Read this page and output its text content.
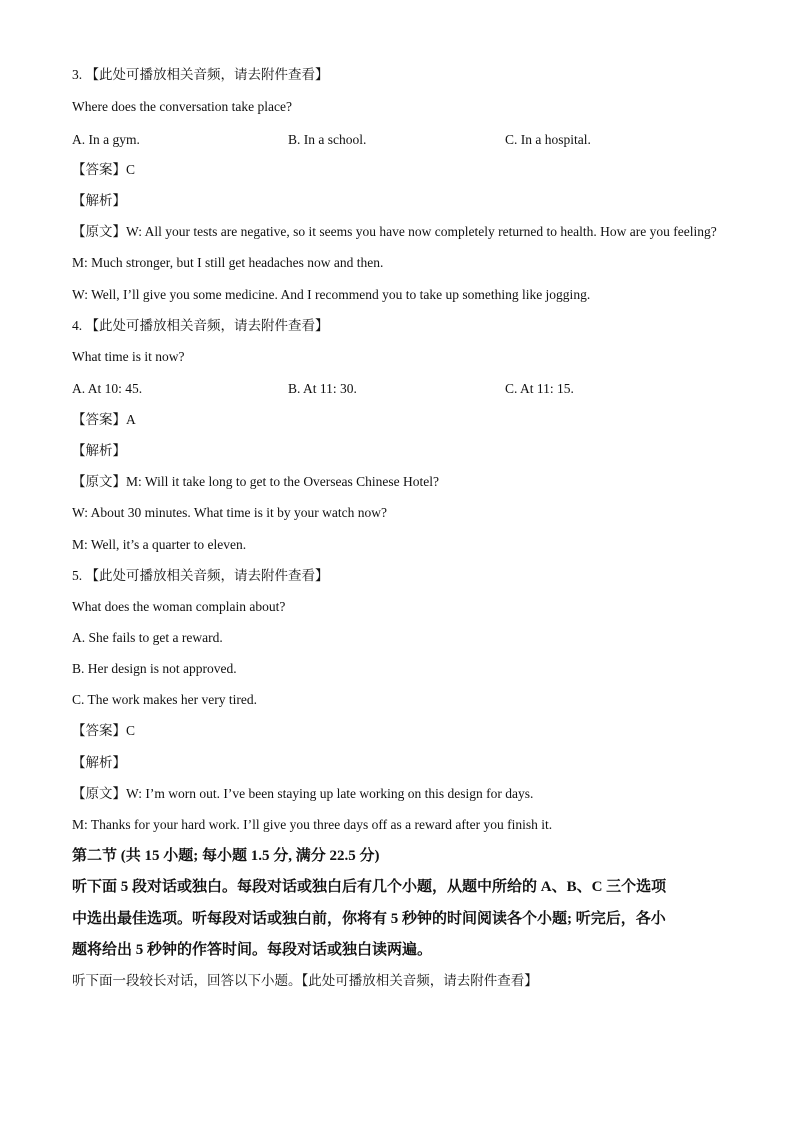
3. 【此处可播放相关音频，请去附件查看】
Where does the conversation take place?
A. In a gym.	B. In a school.	C. In a hospital.
【答案】C
【解析】
【原文】W: All your tests are negative, so it seems you have now completely returned to health. How are you feeling?
M: Much stronger, but I still get headaches now and then.
W: Well, I’ll give you some medicine. And I recommend you to take up something like jogging.
4. 【此处可播放相关音频，请去附件查看】
What time is it now?
A. At 10: 45.	B. At 11: 30.	C. At 11: 15.
【答案】A
【解析】
【原文】M: Will it take long to get to the Overseas Chinese Hotel?
W: About 30 minutes. What time is it by your watch now?
M: Well, it’s a quarter to eleven.
5. 【此处可播放相关音频，请去附件查看】
What does the woman complain about?
A. She fails to get a reward.
B. Her design is not approved.
C. The work makes her very tired.
【答案】C
【解析】
【原文】W: I’m worn out. I’ve been staying up late working on this design for days.
M: Thanks for your hard work. I’ll give you three days off as a reward after you finish it.
第二节 (共 15 小题; 每小题 1.5 分, 满分 22.5 分)
听下面 5 段对话或独白。每段对话或独白后有几个小题，从题中所给的 A、B、C 三个选项
中选出最佳选项。听每段对话或独白前，你将有 5 秒钟的时间阅读各个小题; 听完后，各小
题将给出 5 秒钟的作答时间。每段对话或独白读两遍。
听下面一段较长对话，回答以下小题。【此处可播放相关音频，请去附件查看】
